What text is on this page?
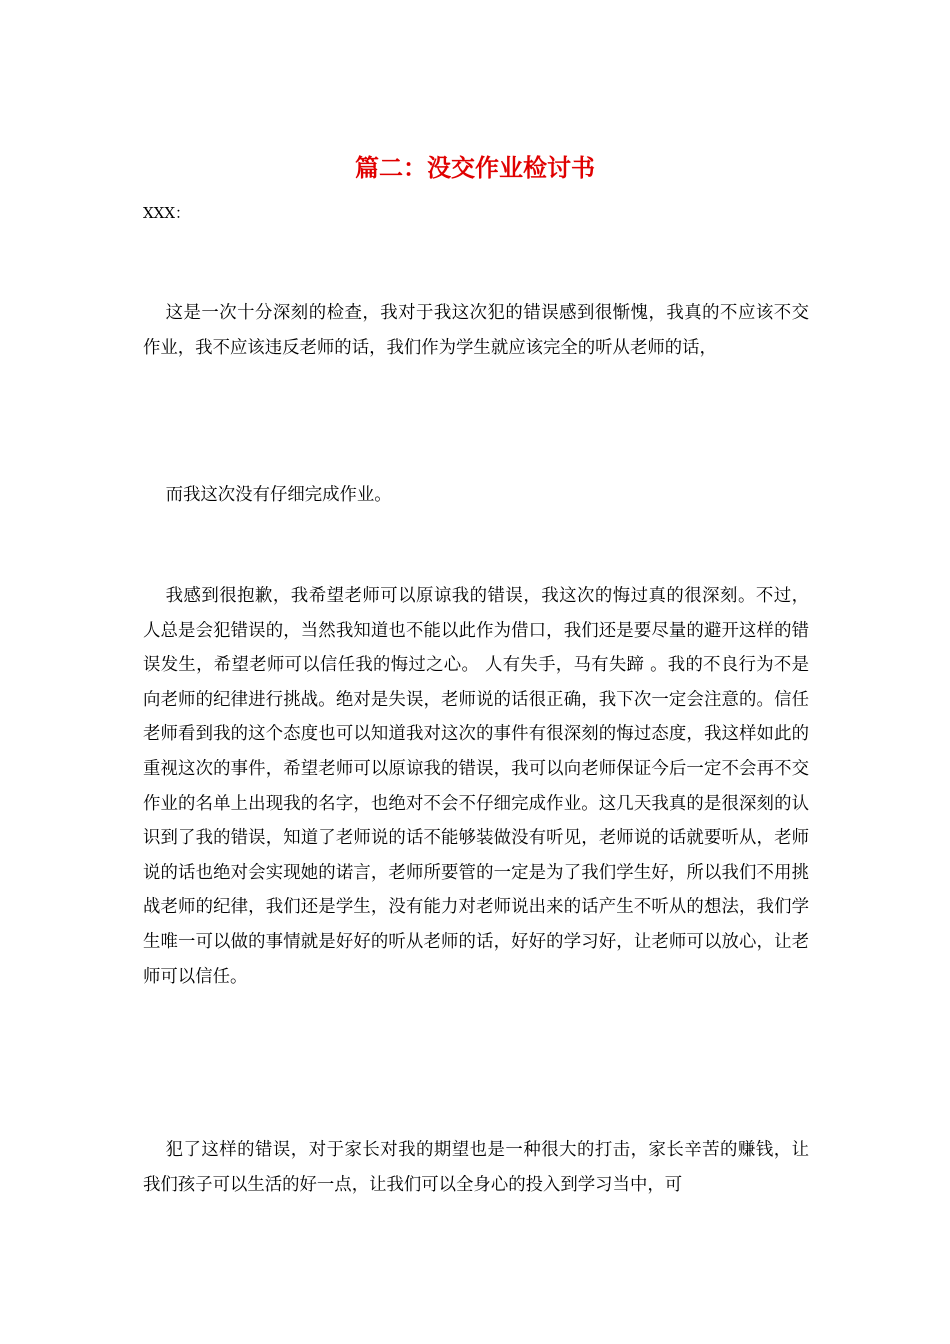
篇二：没交作业检讨书

XXX：

这是一次十分深刻的检查，我对于我这次犯的错误感到很惭愧，我真的不应该不交作业，我不应该违反老师的话，我们作为学生就应该完全的听从老师的话，

而我这次没有仔细完成作业。

我感到很抱歉，我希望老师可以原谅我的错误，我这次的悔过真的很深刻。不过，人总是会犯错误的，当然我知道也不能以此作为借口，我们还是要尽量的避开这样的错误发生，希望老师可以信任我的悔过之心。 人有失手，马有失蹄 。我的不良行为不是向老师的纪律进行挑战。绝对是失误，老师说的话很正确，我下次一定会注意的。信任老师看到我的这个态度也可以知道我对这次的事件有很深刻的悔过态度，我这样如此的重视这次的事件，希望老师可以原谅我的错误，我可以向老师保证今后一定不会再不交作业的名单上出现我的名字，也绝对不会不仔细完成作业。这几天我真的是很深刻的认识到了我的错误，知道了老师说的话不能够装做没有听见，老师说的话就要听从，老师说的话也绝对会实现她的诺言，老师所要管的一定是为了我们学生好，所以我们不用挑战老师的纪律，我们还是学生，没有能力对老师说出来的话产生不听从的想法，我们学生唯一可以做的事情就是好好的听从老师的话，好好的学习好，让老师可以放心，让老师可以信任。

犯了这样的错误，对于家长对我的期望也是一种很大的打击，家长辛苦的赚钱，让我们孩子可以生活的好一点，让我们可以全身心的投入到学习当中，可
